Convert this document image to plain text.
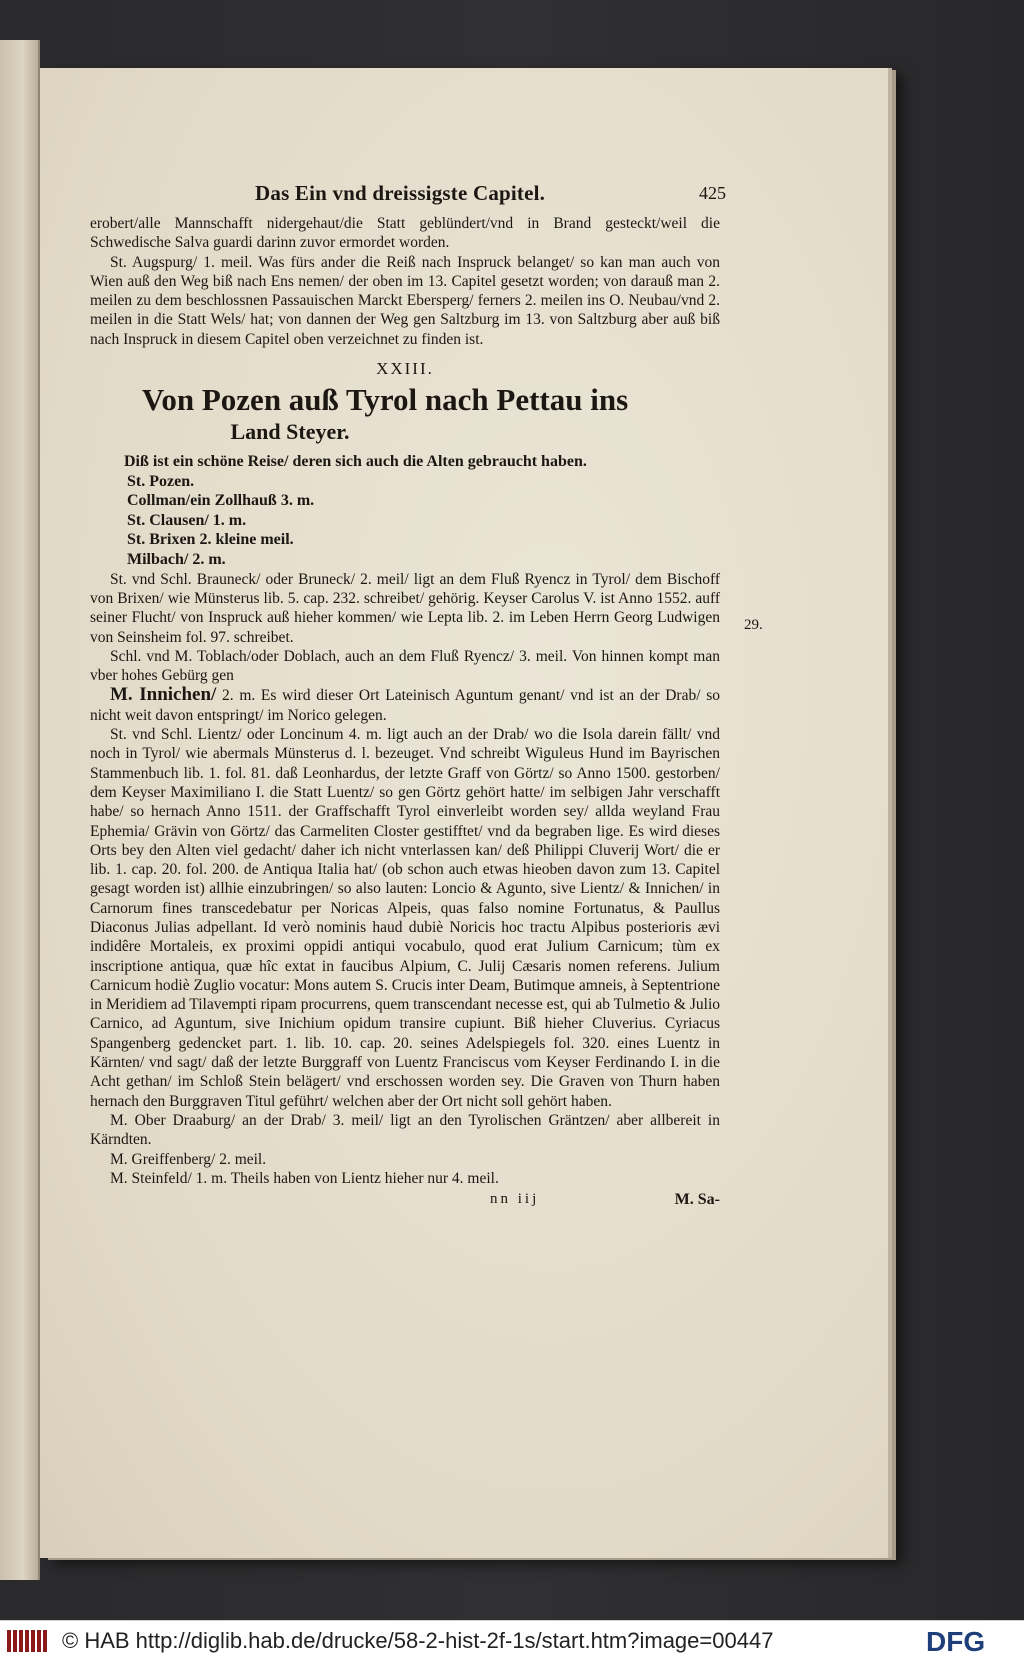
Das Ein vnd dreissigste Capitel.	425

erobert/alle Mannschafft nidergehaut/die Statt geblündert/vnd in Brand gesteckt/weil die Schwedische Salva guardi darinn zuvor ermordet worden.

St. Augspurg/ 1. meil. Was fürs ander die Reiß nach Inspruck belanget/ so kan man auch von Wien auß den Weg biß nach Ens nemen/ der oben im 13. Capitel gesetzt worden; von darauß man 2. meilen zu dem beschlossnen Passauischen Marckt Ebersperg/ ferners 2. meilen ins O. Neubau/vnd 2. meilen in die Statt Wels/ hat; von dannen der Weg gen Saltzburg im 13. von Saltzburg aber auß biß nach Inspruck in diesem Capitel oben verzeichnet zu finden ist.

XXIII.
Von Pozen auß Tyrol nach Pettau ins
Land Steyer.

Diß ist ein schöne Reise/ deren sich auch die Alten gebraucht haben.

St. Pozen.
Collman/ein Zollhauß 3. m.
St. Clausen/ 1. m.
St. Brixen 2. kleine meil.
Milbach/ 2. m.

St. vnd Schl. Brauneck/ oder Bruneck/ 2. meil/ ligt an dem Fluß Ryencz in Tyrol/ dem Bischoff von Brixen/ wie Münsterus lib. 5. cap. 232. schreibet/ gehörig. Keyser Carolus V. ist Anno 1552. auff seiner Flucht/ von Inspruck auß hieher kommen/ wie Lepta lib. 2. im Leben Herrn Georg Ludwigen von Seinsheim fol. 97. schreibet.

Schl. vnd M. Toblach/oder Doblach, auch an dem Fluß Ryencz/ 3. meil. Von hinnen kompt man vber hohes Gebürg gen

M. Innichen/ 2. m. Es wird dieser Ort Lateinisch Aguntum genant/ vnd ist an der Drab/ so nicht weit davon entspringt/ im Norico gelegen.

St. vnd Schl. Lientz/ oder Loncinum 4. m. ligt auch an der Drab/ wo die Isola darein fällt/ vnd noch in Tyrol/ wie abermals Münsterus d. l. bezeuget. Vnd schreibt Wiguleus Hund im Bayrischen Stammenbuch lib. 1. fol. 81. daß Leonhardus, der letzte Graff von Görtz/ so Anno 1500. gestorben/ dem Keyser Maximiliano I. die Statt Luentz/ so gen Görtz gehört hatte/ im selbigen Jahr verschafft habe/ so hernach Anno 1511. der Graffschafft Tyrol einverleibt worden sey/ allda weyland Frau Ephemia/ Grävin von Görtz/ das Carmeliten Closter gestifftet/ vnd da begraben lige. Es wird dieses Orts bey den Alten viel gedacht/ daher ich nicht vnterlassen kan/ deß Philippi Cluverij Wort/ die er lib. 1. cap. 20. fol. 200. de Antiqua Italia hat/ (ob schon auch etwas hieoben davon zum 13. Capitel gesagt worden ist) allhie einzubringen/ so also lauten: Loncio & Agunto, sive Lientz/ & Innichen/ in Carnorum fines transcedebatur per Noricas Alpeis, quas falso nomine Fortunatus, & Paullus Diaconus Julias adpellant. Id verò nominis haud dubiè Noricis hoc tractu Alpibus posterioris ævi indidêre Mortaleis, ex proximi oppidi antiqui vocabulo, quod erat Julium Carnicum; tùm ex inscriptione antiqua, quæ hîc extat in faucibus Alpium, C. Julij Cæsaris nomen referens. Julium Carnicum hodiè Zuglio vocatur: Mons autem S. Crucis inter Deam, Butimque amneis, à Septentrione in Meridiem ad Tilavempti ripam procurrens, quem transcendant necesse est, qui ab Tulmetio & Julio Carnico, ad Aguntum, sive Inichium opidum transire cupiunt. Biß hieher Cluverius. Cyriacus Spangenberg gedencket part. 1. lib. 10. cap. 20. seines Adelspiegels fol. 320. eines Luentz in Kärnten/ vnd sagt/ daß der letzte Burggraff von Luentz Franciscus vom Keyser Ferdinando I. in die Acht gethan/ im Schloß Stein belägert/ vnd erschossen worden sey. Die Graven von Thurn haben hernach den Burggraven Titul geführt/ welchen aber der Ort nicht soll gehört haben.

M. Ober Draaburg/ an der Drab/ 3. meil/ ligt an den Tyrolischen Gräntzen/ aber allbereit in Kärndten.

M. Greiffenberg/ 2. meil.

M. Steinfeld/ 1. m. Theils haben von Lientz hieher nur 4. meil.

nn iij	M. Sa-
29.
© HAB http://diglib.hab.de/drucke/58-2-hist-2f-1s/start.htm?image=00447	DFG
